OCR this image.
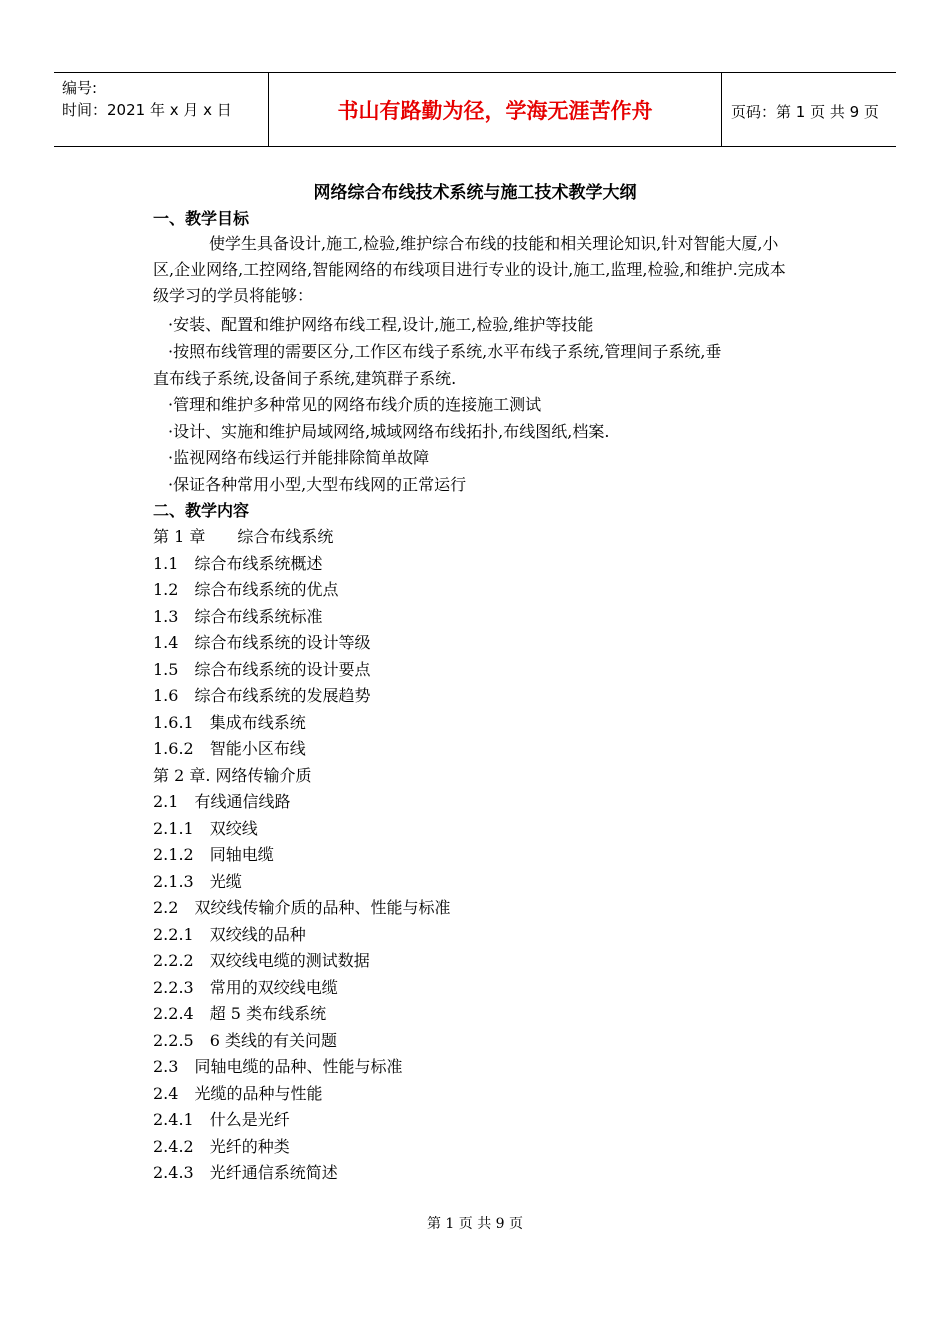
编号:
时间：2021 年 x 月 x 日	书山有路勤为径，学海无涯苦作舟	页码：第 1 页 共 9 页
网络综合布线技术系统与施工技术教学大纲
一、教学目标
使学生具备设计,施工,检验,维护综合布线的技能和相关理论知识,针对智能大厦,小　区,企业网络,工控网络,智能网络的布线项目进行专业的设计,施工,监理,检验,和维护.完成本级学习的学员将能够：
·安装、配置和维护网络布线工程,设计,施工,检验,维护等技能
·按照布线管理的需要区分,工作区布线子系统,水平布线子系统,管理间子系统,垂
直布线子系统,设备间子系统,建筑群子系统.
·管理和维护多种常见的网络布线介质的连接施工测试
·设计、实施和维护局域网络,城域网络布线拓扑,布线图纸,档案.
·监视网络布线运行并能排除简单故障
·保证各种常用小型,大型布线网的正常运行
二、教学内容
第 1 章　　综合布线系统
1.1　综合布线系统概述
1.2　综合布线系统的优点
1.3　综合布线系统标准
1.4　综合布线系统的设计等级
1.5　综合布线系统的设计要点
1.6　综合布线系统的发展趋势
1.6.1　集成布线系统
1.6.2　智能小区布线
第 2 章. 网络传输介质
2.1　有线通信线路
2.1.1　双绞线
2.1.2　同轴电缆
2.1.3　光缆
2.2　双绞线传输介质的品种、性能与标准
2.2.1　双绞线的品种
2.2.2　双绞线电缆的测试数据
2.2.3　常用的双绞线电缆
2.2.4　超 5 类布线系统
2.2.5　6 类线的有关问题
2.3　同轴电缆的品种、性能与标准
2.4　光缆的品种与性能
2.4.1　什么是光纤
2.4.2　光纤的种类
2.4.3　光纤通信系统简述
第 1 页 共 9 页
